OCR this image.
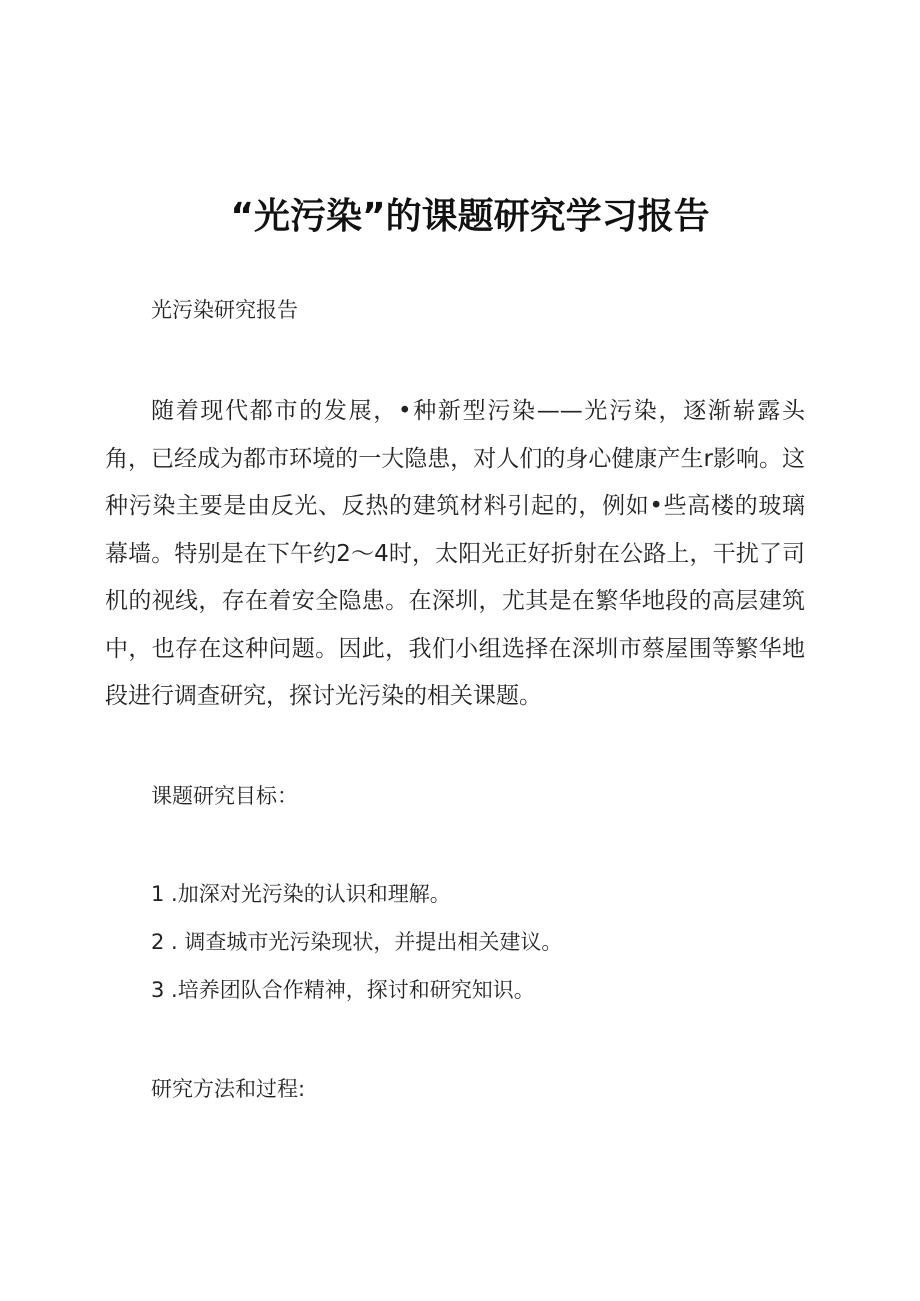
“光污染”的课题研究学习报告
光污染研究报告

随着现代都市的发展，•种新型污染——光污染，逐渐崭露头角，已经成为都市环境的一大隐患，对人们的身心健康产生r影响。这种污染主要是由反光、反热的建筑材料引起的，例如•些高楼的玻璃幕墙。特别是在下午约2〜4时，太阳光正好折射在公路上，干扰了司机的视线，存在着安全隐患。在深圳，尤其是在繁华地段的高层建筑中，也存在这种问题。因此，我们小组选择在深圳市蔡屋围等繁华地段进行调查研究，探讨光污染的相关课题。

课题研究目标：
1 .加深对光污染的认识和理解。
2 . 调查城市光污染现状，并提出相关建议。
3 .培养团队合作精神，探讨和研究知识。
研究方法和过程:
